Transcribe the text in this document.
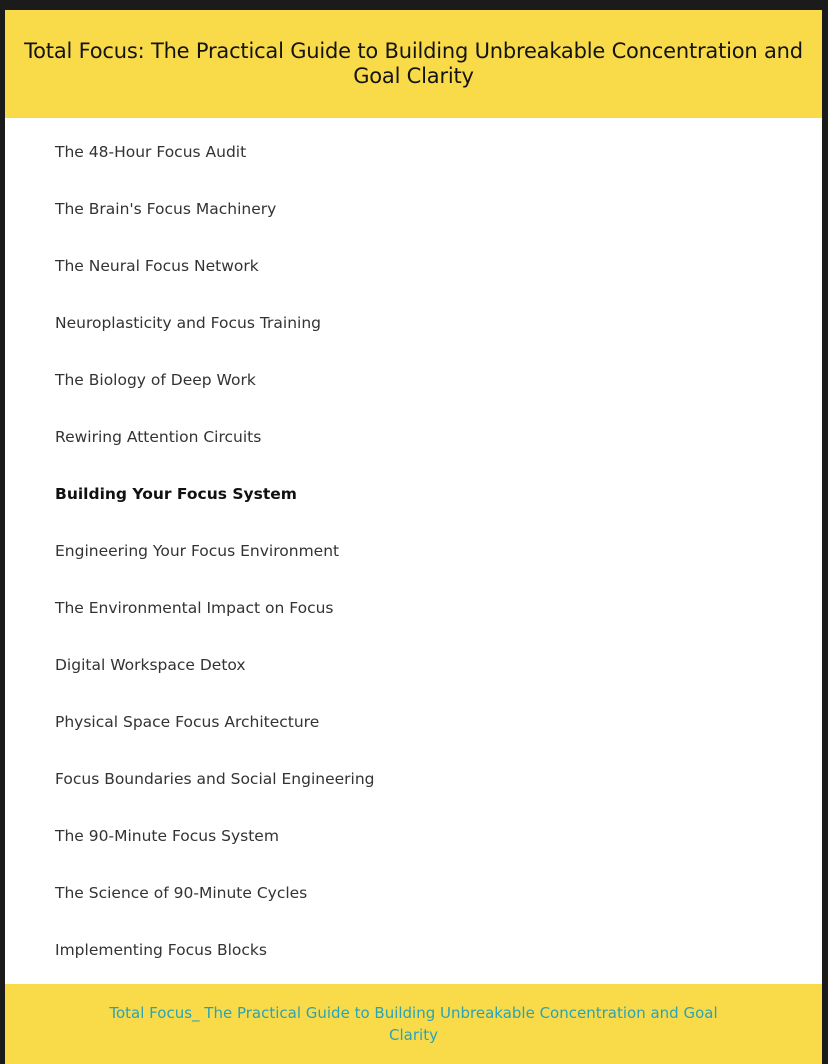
Total Focus: The Practical Guide to Building Unbreakable Concentration and Goal Clarity
The 48-Hour Focus Audit
The Brain's Focus Machinery
The Neural Focus Network
Neuroplasticity and Focus Training
The Biology of Deep Work
Rewiring Attention Circuits
Building Your Focus System
Engineering Your Focus Environment
The Environmental Impact on Focus
Digital Workspace Detox
Physical Space Focus Architecture
Focus Boundaries and Social Engineering
The 90-Minute Focus System
The Science of 90-Minute Cycles
Implementing Focus Blocks
Total Focus_ The Practical Guide to Building Unbreakable Concentration and Goal Clarity
